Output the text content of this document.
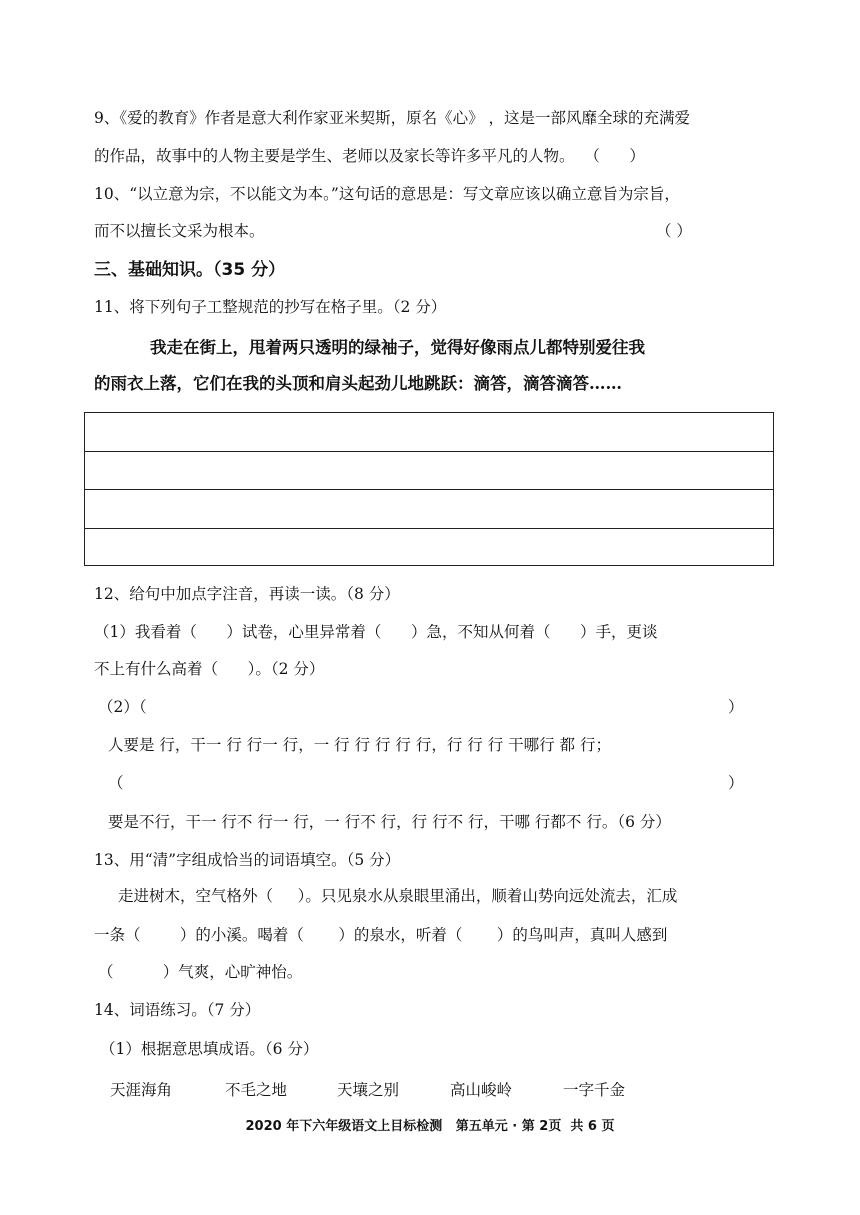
9、《爱的教育》作者是意大利作家亚米契斯，原名《心》 ，这是一部风靡全球的充满爱
的作品，故事中的人物主要是学生、老师以及家长等许多平凡的人物。  （      ）
10、“以立意为宗，不以能文为本。”这句话的意思是：写文章应该以确立意旨为宗旨，
而不以擅长文采为根本。	（ ）
三、基础知识。（35 分）
11、将下列句子工整规范的抄写在格子里。（2 分）
我走在街上，甩着两只透明的绿袖子，觉得好像雨点儿都特别爱往我
的雨衣上落，它们在我的头顶和肩头起劲儿地跳跃：滴答，滴答滴答……
12、给句中加点字注音，再读一读。（8 分）
（1）我看着（      ）试卷，心里异常着（      ）急，不知从何着（      ）手，更谈
不上有什么高着（      ）。（2 分）
（2）（	）
人要是 行，干一 行 行一 行，一 行 行 行 行 行，行 行 行 干哪行 都 行；
（	）
要是不行，干一 行不 行一 行，一 行不 行，行 行不 行，干哪 行都不 行。（6 分）
13、用“清”字组成恰当的词语填空。（5 分）
走进树木，空气格外（     ）。只见泉水从泉眼里涌出，顺着山势向远处流去，汇成
一条（        ）的小溪。喝着（       ）的泉水，听着（       ）的鸟叫声，真叫人感到
（          ）气爽，心旷神怡。
14、词语练习。（7 分）
（1）根据意思填成语。（6 分）
天涯海角	不毛之地	天壤之别	高山峻岭	一字千金
2020 年下六年级语文上目标检测   第五单元 · 第 2页  共 6 页
